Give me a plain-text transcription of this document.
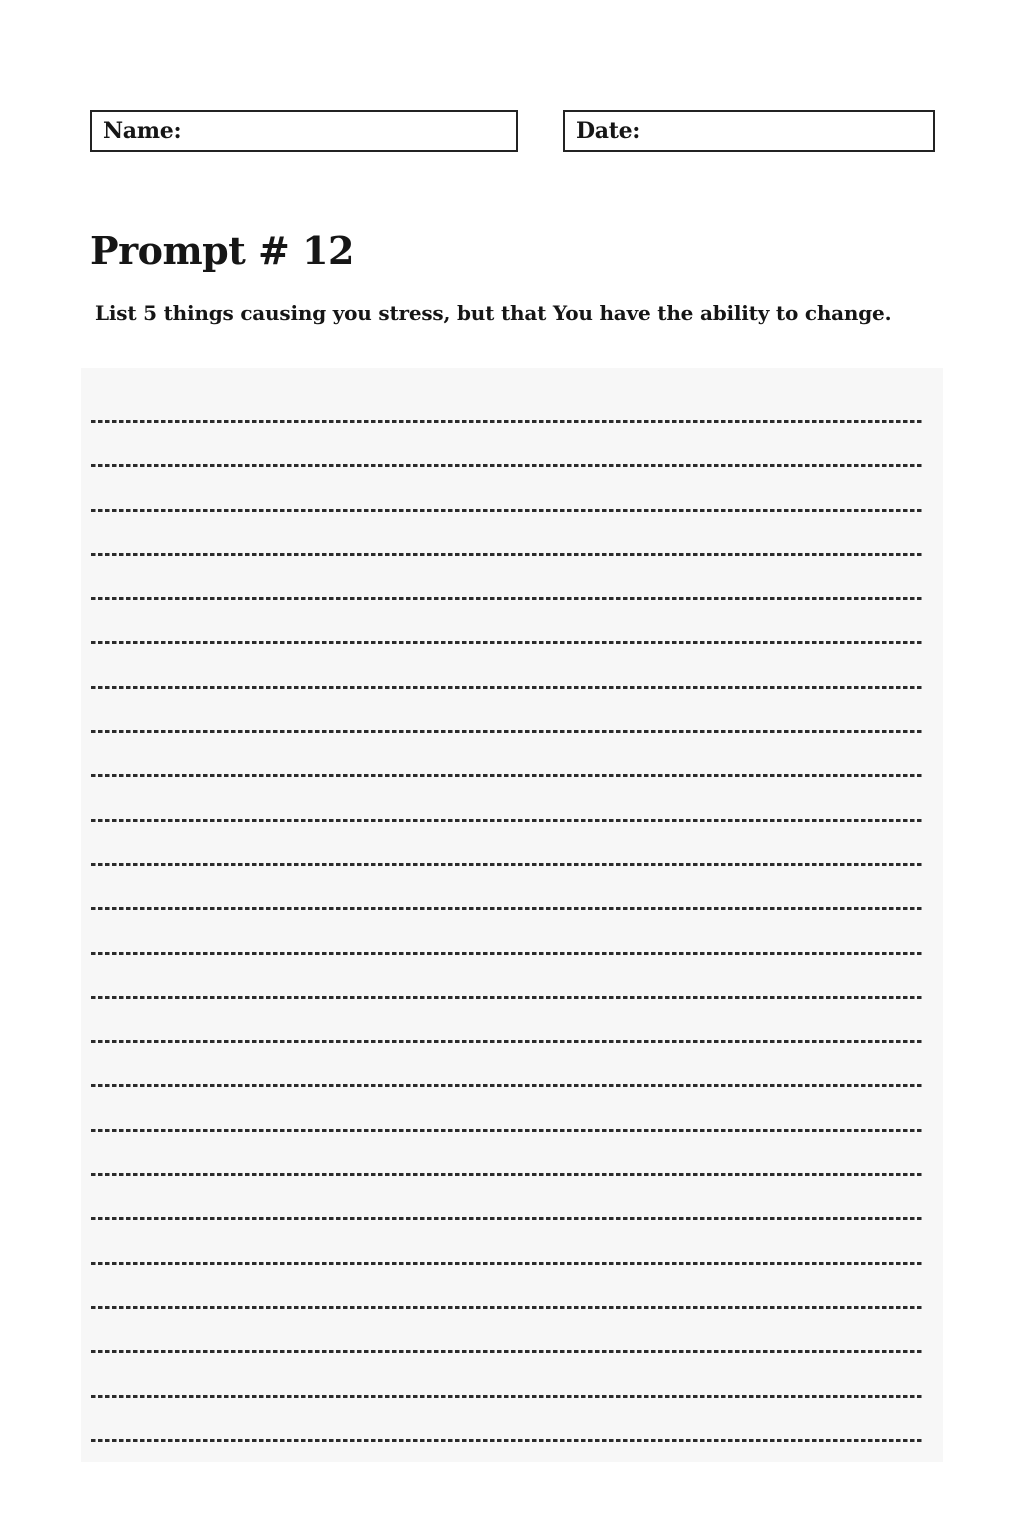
Name:	Date:
Prompt # 12

List 5 things causing you stress, but that You have the ability to change.
